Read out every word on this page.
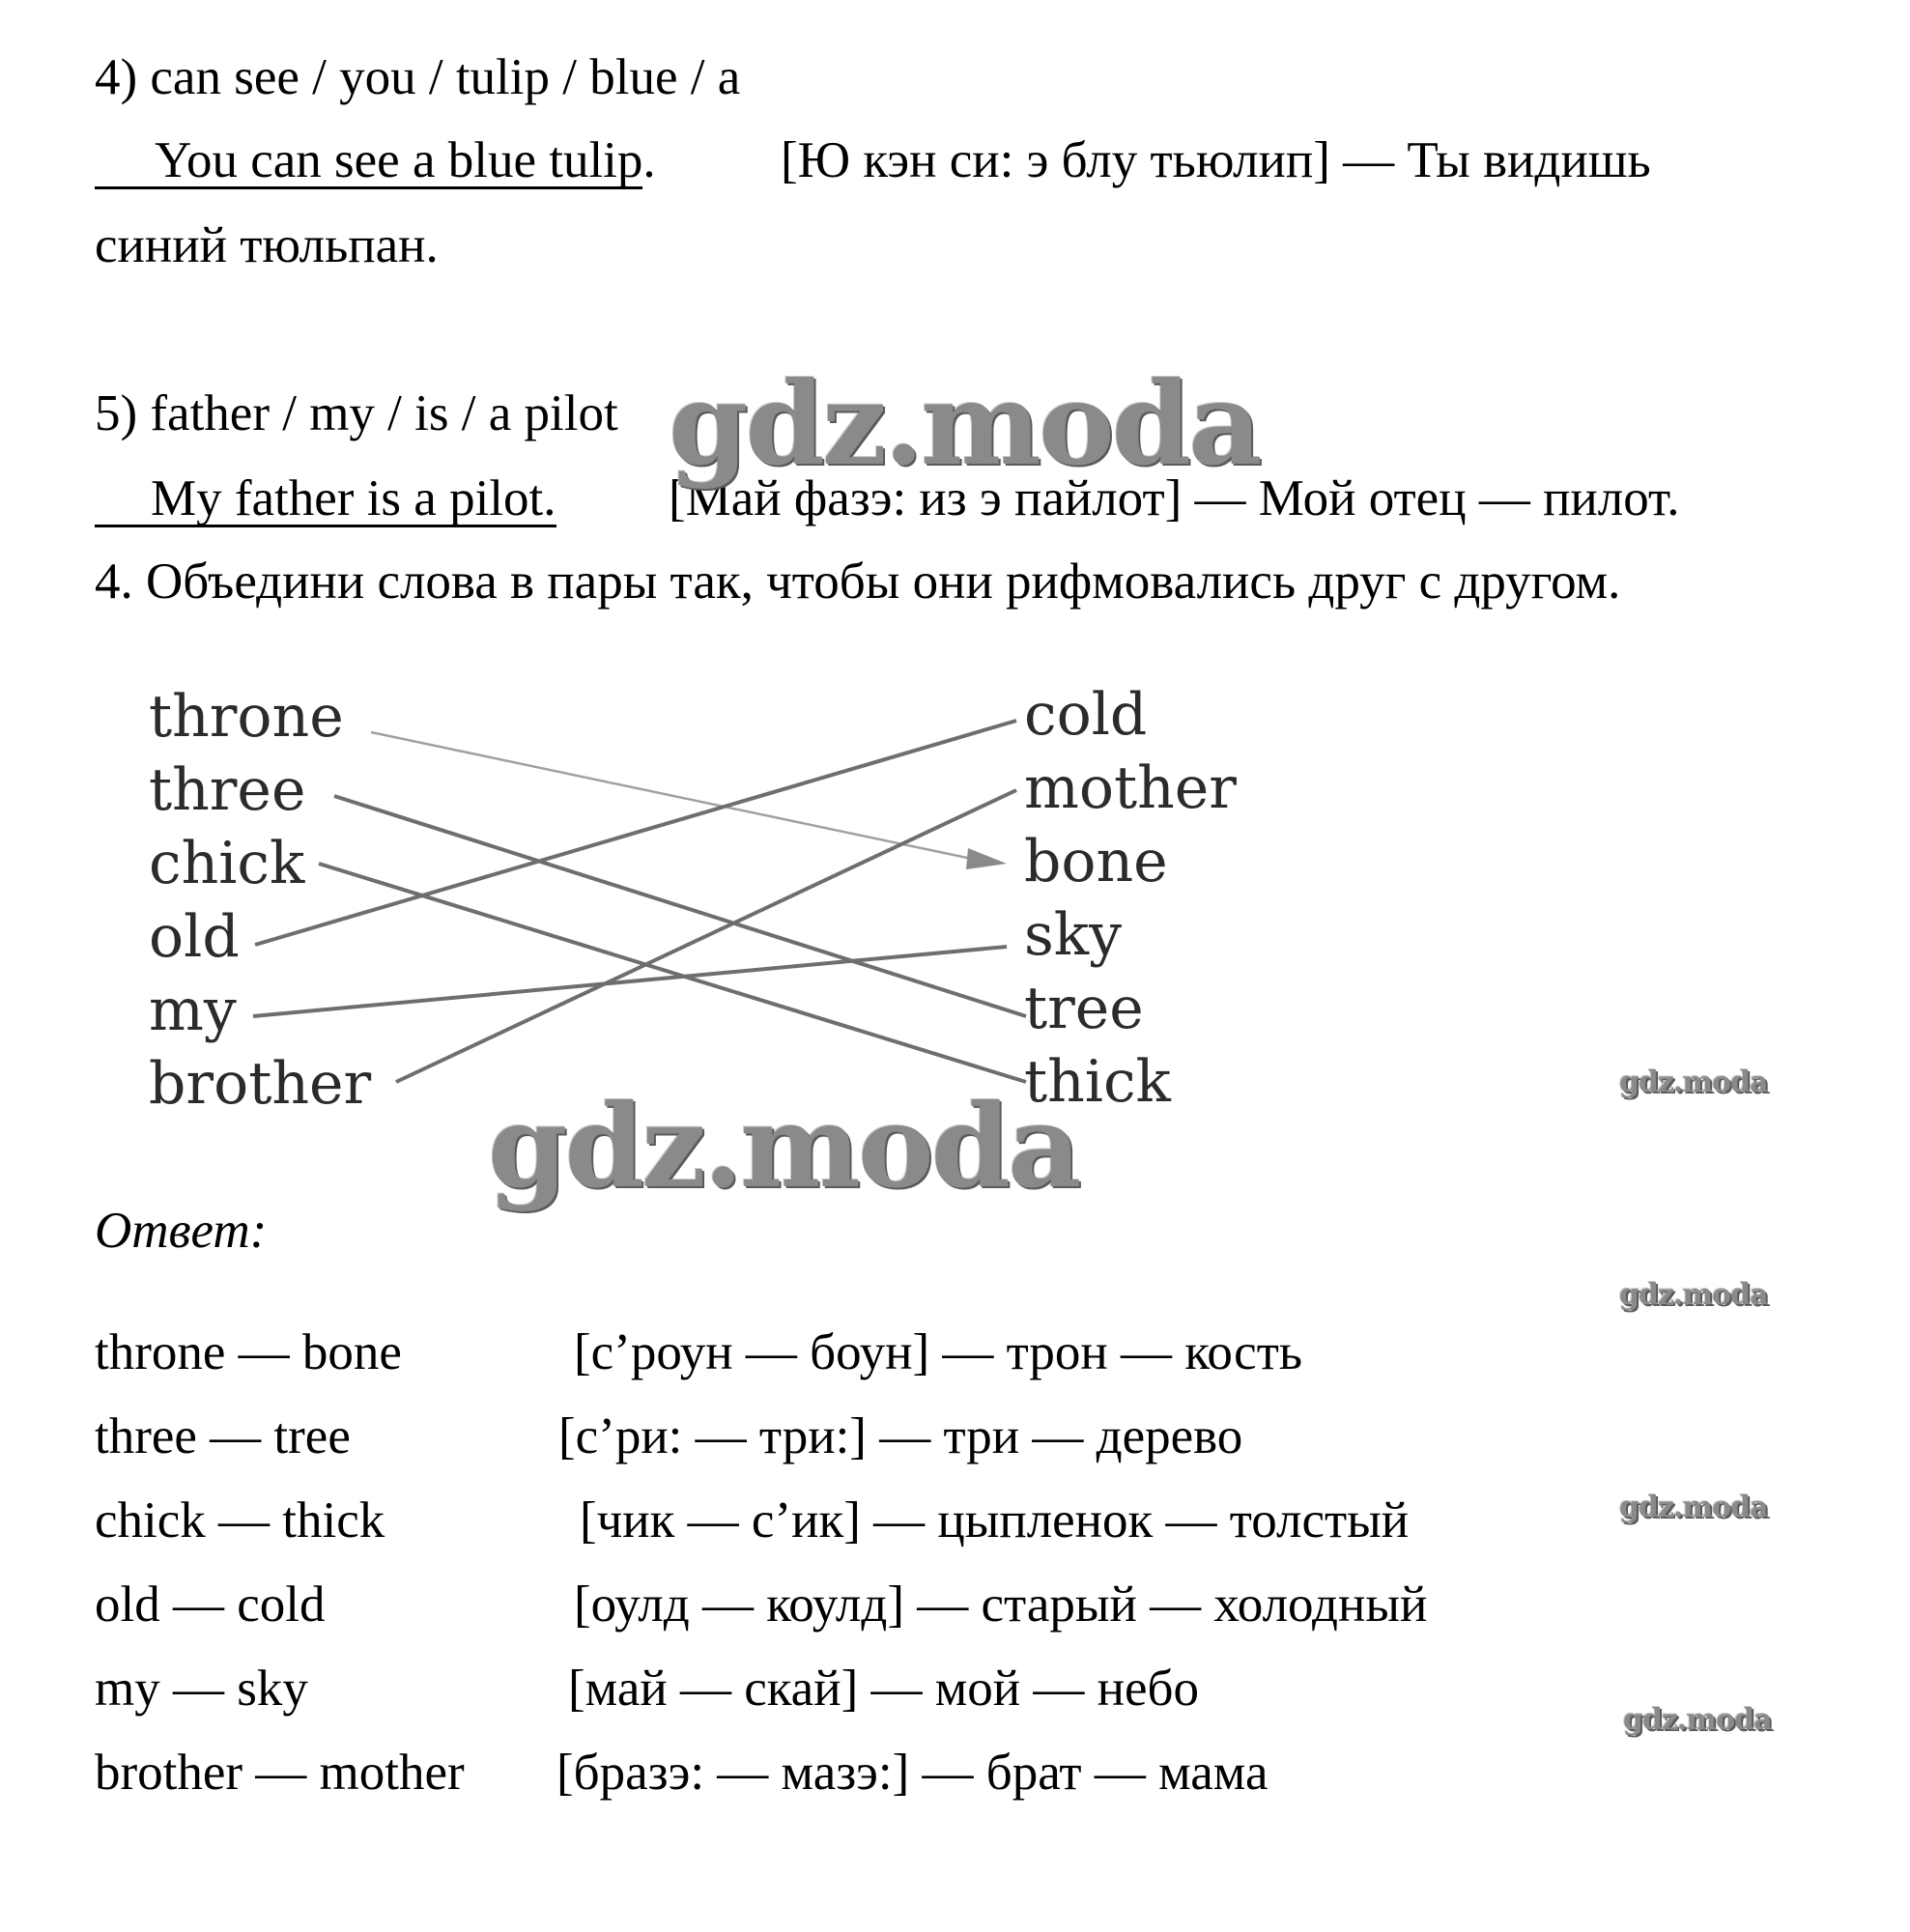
4) can see / you / tulip / blue / a
You can see a blue tulip. [Ю кэн си: э блу тьюлип] — Ты видишь
синий тюльпан.
5) father / my / is / a pilot
My father is a pilot. [Май фазэ: из э пайлот] — Мой отец — пилот.
4. Объедини слова в пары так, чтобы они рифмовались друг с другом.
throne
three
chick
old
my
brother
cold
mother
bone
sky
tree
thick
Ответ:
throne — bone	[с’роун — боун] — трон — кость
three — tree	[с’ри: — три:] — три — дерево
chick — thick	[чик — с’ик] — цыпленок — толстый
old — cold	[оулд — коулд] — старый — холодный
my — sky	[май — скай] — мой — небо
brother — mother [бразэ: — мазэ:] — брат — мама
gdz.moda
gdz.moda	gdz.moda
gdz.moda
gdz.moda
gdz.moda
